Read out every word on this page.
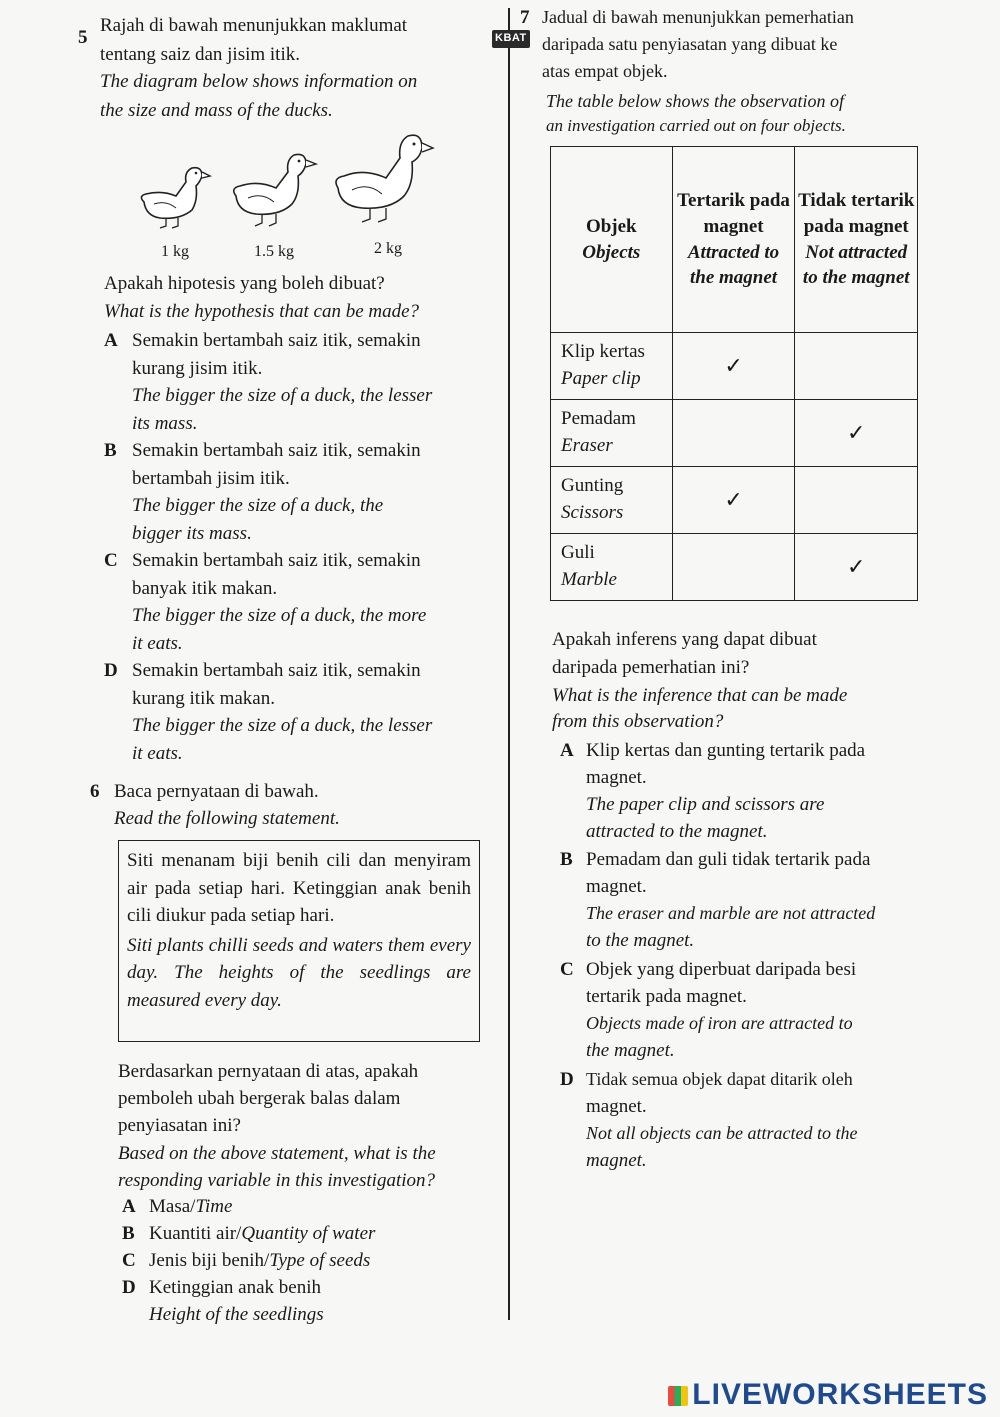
5
Rajah di bawah menunjukkan maklumat
tentang saiz dan jisim itik.
The diagram below shows information on
the size and mass of the ducks.
1 kg	1.5 kg	2 kg
Apakah hipotesis yang boleh dibuat?
What is the hypothesis that can be made?
A Semakin bertambah saiz itik, semakin
kurang jisim itik.
The bigger the size of a duck, the lesser
its mass.
B Semakin bertambah saiz itik, semakin
bertambah jisim itik.
The bigger the size of a duck, the
bigger its mass.
C Semakin bertambah saiz itik, semakin
banyak itik makan.
The bigger the size of a duck, the more
it eats.
D Semakin bertambah saiz itik, semakin
kurang itik makan.
The bigger the size of a duck, the lesser
it eats.
6 Baca pernyataan di bawah.
Read the following statement.

Siti menanam biji benih cili dan menyiram air pada setiap hari. Ketinggian anak benih cili diukur pada setiap hari.

Siti plants chilli seeds and waters them every day. The heights of the seedlings are measured every day.

Berdasarkan pernyataan di atas, apakah
pemboleh ubah bergerak balas dalam
penyiasatan ini?
Based on the above statement, what is the
responding variable in this investigation?
A Masa/Time
B Kuantiti air/Quantity of water
C Jenis biji benih/Type of seeds
D Ketinggian anak benih
Height of the seedlings
7
KBAT
Jadual di bawah menunjukkan pemerhatian
daripada satu penyiasatan yang dibuat ke
atas empat objek.
The table below shows the observation of
an investigation carried out on four objects.
Objek
Objects	Tertarik pada magnet
Attracted to the magnet	Tidak tertarik pada magnet
Not attracted to the magnet
Klip kertas
Paper clip	✓	
Pemadam
Eraser		✓
Gunting
Scissors	✓	
Guli
Marble		✓
Apakah inferens yang dapat dibuat
daripada pemerhatian ini?
What is the inference that can be made
from this observation?
A Klip kertas dan gunting tertarik pada
magnet.
The paper clip and scissors are
attracted to the magnet.
B Pemadam dan guli tidak tertarik pada
magnet.
The eraser and marble are not attracted
to the magnet.
C Objek yang diperbuat daripada besi
tertarik pada magnet.
Objects made of iron are attracted to
the magnet.
D Tidak semua objek dapat ditarik oleh
magnet.
Not all objects can be attracted to the
magnet.
LIVEWORKSHEETS
